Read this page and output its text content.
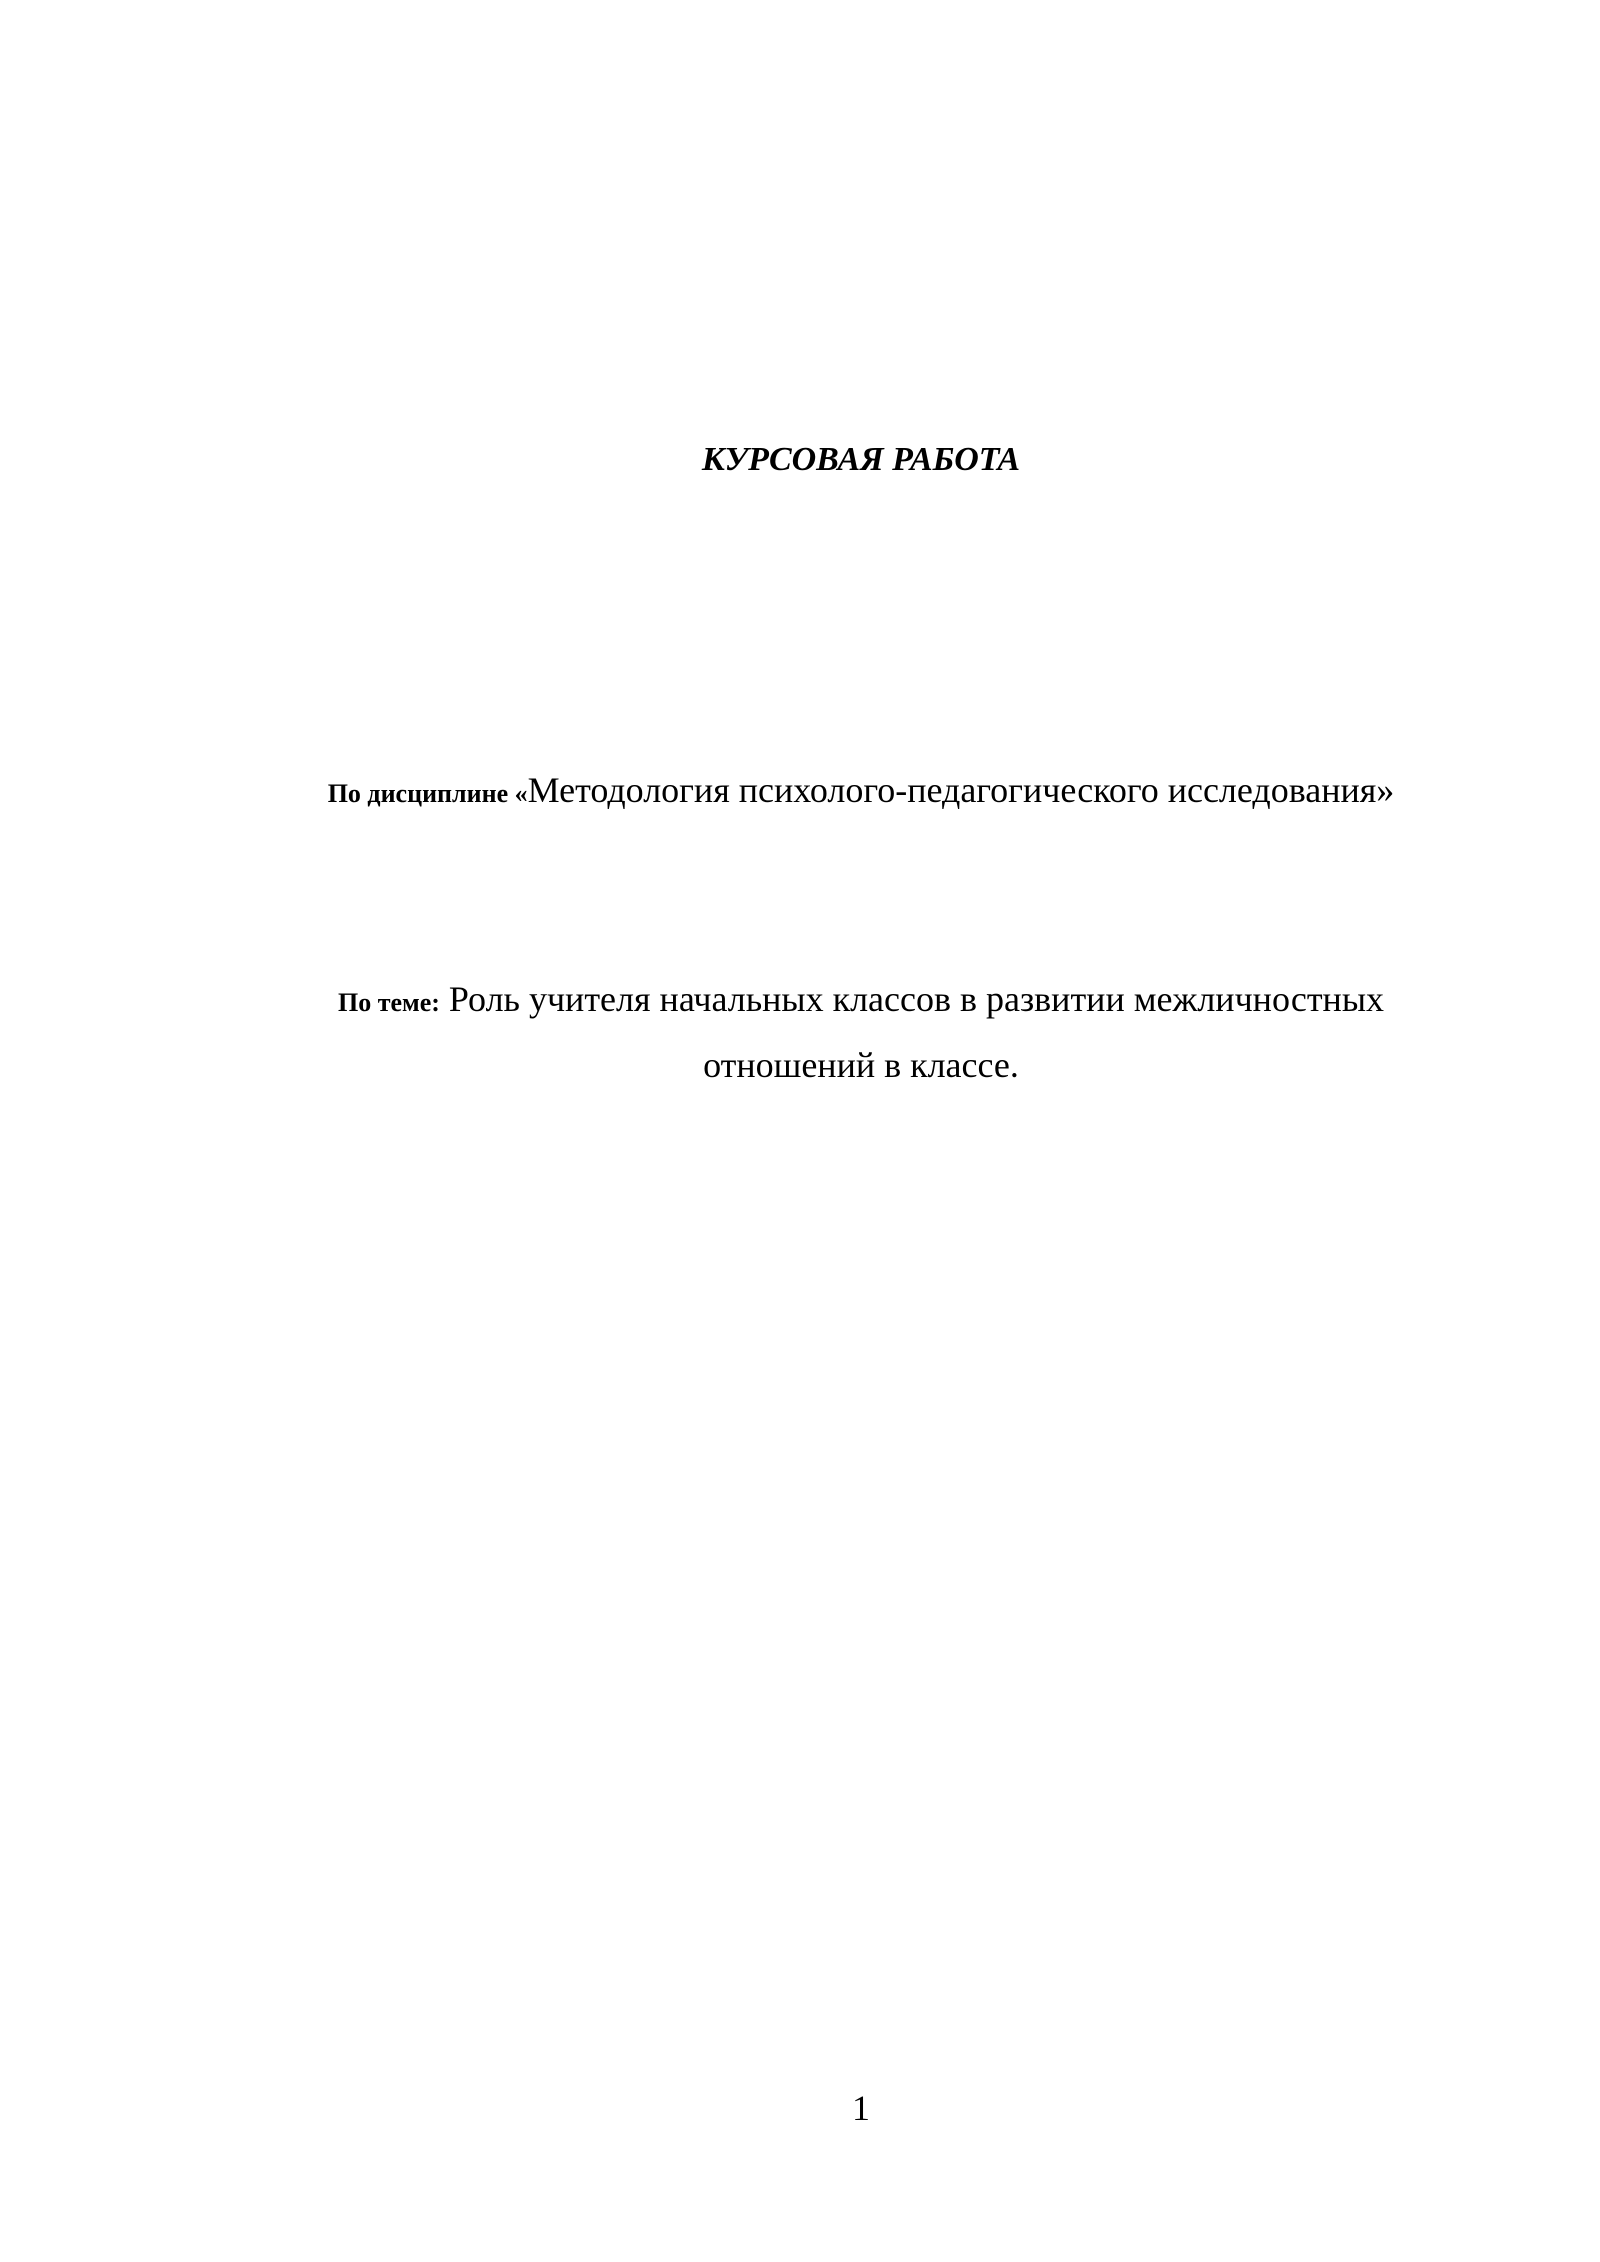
КУРСОВАЯ РАБОТА
По дисциплине «Методология психолого-педагогического исследования»
По теме: Роль учителя начальных классов в развитии межличностных
отношений в классе.
1
